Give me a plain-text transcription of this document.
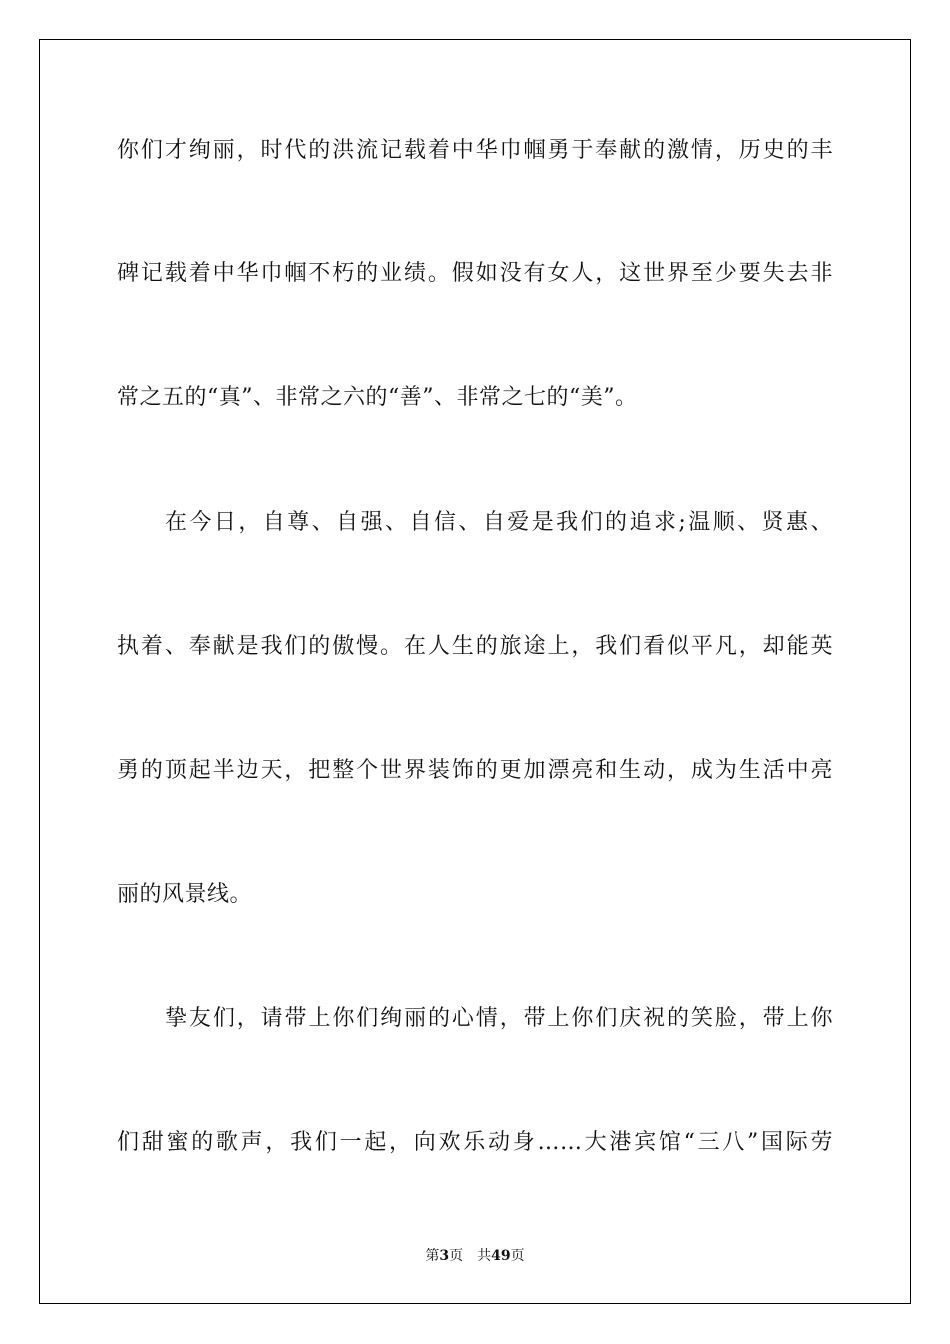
你们才绚丽，时代的洪流记载着中华巾帼勇于奉献的激情，历史的丰
碑记载着中华巾帼不朽的业绩。假如没有女人，这世界至少要失去非
常之五的“真”、非常之六的“善”、非常之七的“美”。
在今日，自尊、自强、自信、自爱是我们的追求;温顺、贤惠、
执着、奉献是我们的傲慢。在人生的旅途上，我们看似平凡，却能英
勇的顶起半边天，把整个世界装饰的更加漂亮和生动，成为生活中亮
丽的风景线。
挚友们，请带上你们绚丽的心情，带上你们庆祝的笑脸，带上你
们甜蜜的歌声，我们一起，向欢乐动身……大港宾馆“三八”国际劳
第3页 共49页
